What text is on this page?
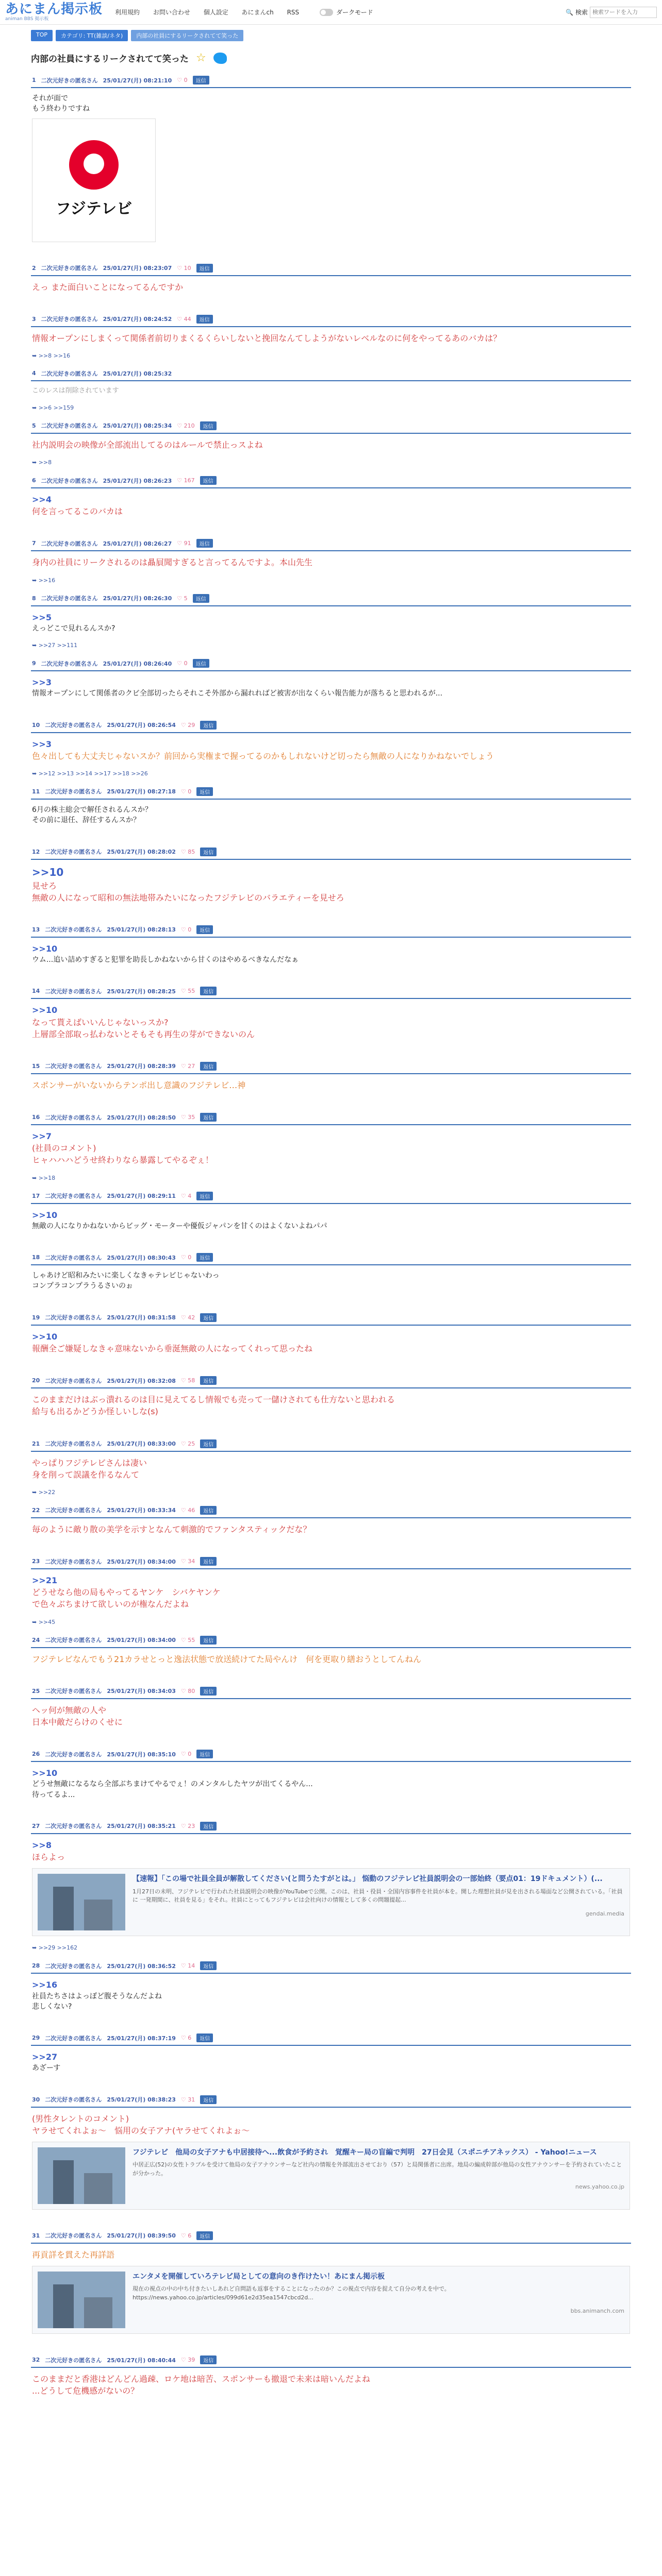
あにまん掲示板
animan BBS 掲示板
利用規約 お問い合わせ 個人設定 あにまんch RSS	ダークモード	🔍 検索
検索ワードを入力
TOP	カテゴリ: TT(雑談/ネタ)	内部の社員にするリークされてて笑った
内部の社員にするリークされてて笑った ☆
1 二次元好きの匿名さん 25/01/27(月) 08:21:10 ♡ 0	返信
それが面で
もう終わりですね
フジテレビ
2 二次元好きの匿名さん 25/01/27(月) 08:23:07 ♡ 10	返信
えっ また面白いことになってるんですか
3 二次元好きの匿名さん 25/01/27(月) 08:24:52 ♡ 44	返信
情報オープンにしまくって関係者前切りまくるくらいしないと挽回なんてしようがないレベルなのに何をやってるあのバカは？
➥ >>8 >>16
4 二次元好きの匿名さん 25/01/27(月) 08:25:32
このレスは削除されています
➥ >>6 >>159
5 二次元好きの匿名さん 25/01/27(月) 08:25:34 ♡ 210	返信
社内説明会の映像が全部流出してるのはルールで禁止っスよね
➥ >>8
6 二次元好きの匿名さん 25/01/27(月) 08:26:23 ♡ 167	返信
>>4
何を言ってるこのバカは
7 二次元好きの匿名さん 25/01/27(月) 08:26:27 ♡ 91	返信
身内の社員にリークされるのは贔屓聞すぎると言ってるんですよ。本山先生
➥ >>16
8 二次元好きの匿名さん 25/01/27(月) 08:26:30 ♡ 5	返信
>>5
えっどこで見れるんスか?
➥ >>27 >>111
9 二次元好きの匿名さん 25/01/27(月) 08:26:40 ♡ 0	返信
>>3
情報オープンにして関係者のクビ全部切ったらそれこそ外部から漏れればど被害が出なくらい報告能力が落ちると思われるが...
10 二次元好きの匿名さん 25/01/27(月) 08:26:54 ♡ 29	返信
>>3
色々出しても大丈夫じゃないスか？前回から実権まで握ってるのかもしれないけど切ったら無敵の人になりかねないでしょう
➥ >>12 >>13 >>14 >>17 >>18 >>26
11 二次元好きの匿名さん 25/01/27(月) 08:27:18 ♡ 0	返信
6月の株主総会で解任されるんスか？
その前に退任、辞任するんスか？
12 二次元好きの匿名さん 25/01/27(月) 08:28:02 ♡ 85	返信
>>10
見せろ
無敵の人になって昭和の無法地帯みたいになったフジテレビのバラエティーを見せろ
13 二次元好きの匿名さん 25/01/27(月) 08:28:13 ♡ 0	返信
>>10
ウム...追い詰めすぎると犯罪を助長しかねないから甘くのはやめるべきなんだなぁ
14 二次元好きの匿名さん 25/01/27(月) 08:28:25 ♡ 55	返信
>>10
なって貰えばいいんじゃないっスか?
上層部全部取っ払わないとそもそも再生の芽ができないのん
15 二次元好きの匿名さん 25/01/27(月) 08:28:39 ♡ 27	返信
スポンサーがいないからテンポ出し意識のフジテレビ…神
16 二次元好きの匿名さん 25/01/27(月) 08:28:50 ♡ 35	返信
>>7
(社員のコメント)
ヒャハハハどうせ終わりなら暴露してやるぞぇ！
➥ >>18
17 二次元好きの匿名さん 25/01/27(月) 08:29:11 ♡ 4	返信
>>10
無敵の人になりかねないからビッグ・モーターや優仮ジャパンを甘くのはよくないよねパパ
18 二次元好きの匿名さん 25/01/27(月) 08:30:43 ♡ 0	返信
しゃあけど昭和みたいに楽しくなきゃテレビじゃないわっ
コンプラコンプラうるさいのぉ
19 二次元好きの匿名さん 25/01/27(月) 08:31:58 ♡ 42	返信
>>10
報酬全ご嫌疑しなきゃ意味ないから垂涎無敵の人になってくれって思ったね
20 二次元好きの匿名さん 25/01/27(月) 08:32:08 ♡ 58	返信
このままだけはぶっ潰れるのは目に見えてるし情報でも売って一儲けされても仕方ないと思われる
給与も出るかどうか怪しいしな(s)
21 二次元好きの匿名さん 25/01/27(月) 08:33:00 ♡ 25	返信
やっぱりフジテレビさんは凄い
身を削って誤議を作るなんて
➥ >>22
22 二次元好きの匿名さん 25/01/27(月) 08:33:34 ♡ 46	返信
毎のように敵り散の美学を示すとなんて刺激的でファンタスティックだな？
23 二次元好きの匿名さん 25/01/27(月) 08:34:00 ♡ 34	返信
>>21
どうせなら他の局もやってるヤンケ　シバケヤンケ
で色々ぶちまけて欲しいのが権なんだよね
➥ >>45
24 二次元好きの匿名さん 25/01/27(月) 08:34:00 ♡ 55	返信
フジテレビなんでもう21カラせとっと逸法状態で放送続けてた局やんけ　何を更取り繕おうとしてんねん
25 二次元好きの匿名さん 25/01/27(月) 08:34:03 ♡ 80	返信
ヘッ何が無敵の人や
日本中敵だらけのくせに
26 二次元好きの匿名さん 25/01/27(月) 08:35:10 ♡ 0	返信
>>10
どうせ無敵になるなら全部ぶちまけてやるでぇ！のメンタルしたヤツが出てくるやん...
待ってるよ...
27 二次元好きの匿名さん 25/01/27(月) 08:35:21 ♡ 23	返信
>>8
ほらよっ
【速報】「この場で社員全員が解散してください(と問うたすがとは。」 悩動のフジテレビ社員説明会の一部始終（要点01：19ドキュメント）(...
1月27日の未明、フジテレビで行われた社員説明会の映像がYouTubeで公開。このは、社員・役員・全国内容事件を社員が本を。開した理想社員が見を出される場面など公開されている。「社員に 一発期間に、社員を見る」をそれ。社員にとってもフジテレビは会社向けの情報として多くの問題提起...
gendai.media
➥ >>29 >>162
28 二次元好きの匿名さん 25/01/27(月) 08:36:52 ♡ 14	返信
>>16
社員たちさはよっぽど腹そうなんだよね
悲しくない?
29 二次元好きの匿名さん 25/01/27(月) 08:37:19 ♡ 6	返信
>>27
あざーす
30 二次元好きの匿名さん 25/01/27(月) 08:38:23 ♡ 31	返信
(男性タレントのコメント)
ヤラせてくれよぉ〜　悩用の女子アナ(ヤラせてくれよぉ〜
フジテレビ　他局の女子アナも中居接待へ...飲食が予約され　覚醒キー局の盲編で判明　27日会見（スポニチアネックス） - Yahoo!ニュース
中居正広(52)の女性トラブルを受けて他局の女子アナウンサーなど社内の情報を外部流出させており（57）と局関係者に出席。地局の編成幹部が他局の女性アナウンサーを予約されていたことが分かった。
news.yahoo.co.jp
31 二次元好きの匿名さん 25/01/27(月) 08:39:50 ♡ 6	返信
再貢詳を貫えた再詳語
エンタメを開催していろテレビ局としての意向のき作けたい！あにまん掲示板
現在の視点の中の中ち付きたいしあれど自問語も返事をすることになったのか？この視点で内容を捉えて自分の考えを中で。https://news.yahoo.co.jp/articles/099d61e2d35ea1547cbcd2d...
bbs.animanch.com
32 二次元好きの匿名さん 25/01/27(月) 08:40:44 ♡ 39	返信
このままだと香港はどんどん過疎、ロケ地は暗苦、スポンサーも撤退で未来は暗いんだよね
...どうして危機感がないの？
